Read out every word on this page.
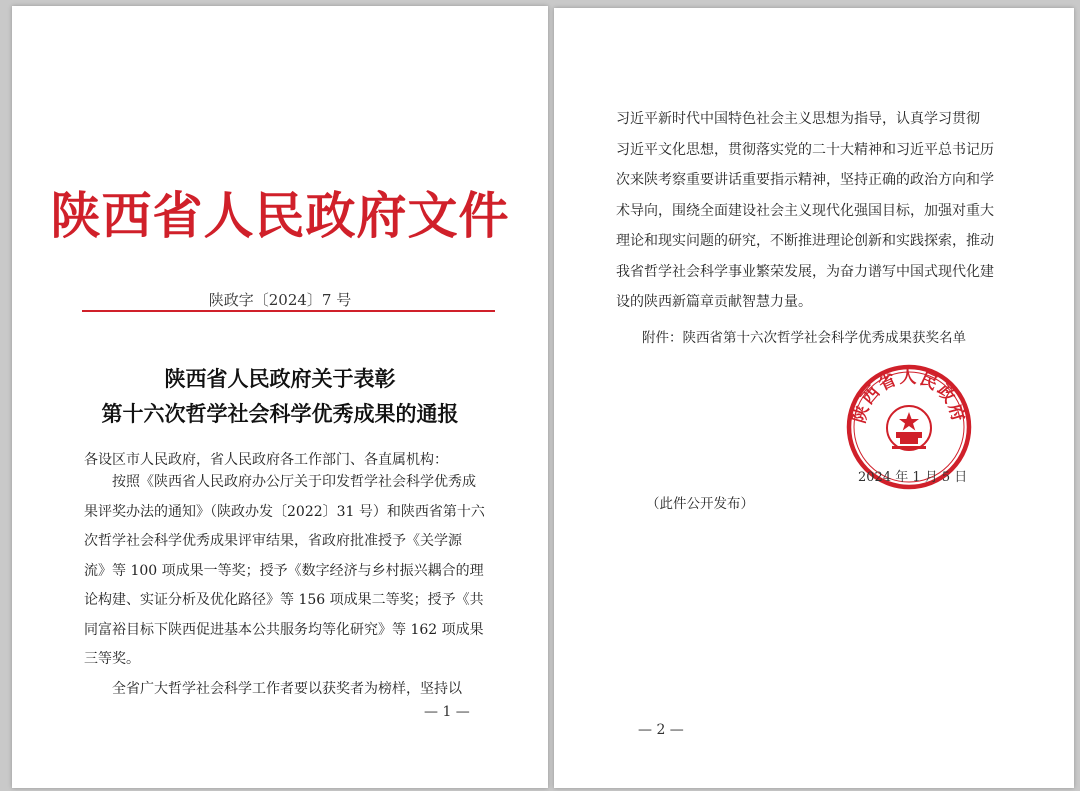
陕西省人民政府文件
陕政字〔2024〕7 号
陕西省人民政府关于表彰
第十六次哲学社会科学优秀成果的通报
各设区市人民政府，省人民政府各工作部门、各直属机构：
　　按照《陕西省人民政府办公厅关于印发哲学社会科学优秀成
果评奖办法的通知》（陕政办发〔2022〕31 号）和陕西省第十六
次哲学社会科学优秀成果评审结果，省政府批准授予《关学源
流》等 100 项成果一等奖；授予《数字经济与乡村振兴耦合的理
论构建、实证分析及优化路径》等 156 项成果二等奖；授予《共
同富裕目标下陕西促进基本公共服务均等化研究》等 162 项成果
三等奖。
　　全省广大哲学社会科学工作者要以获奖者为榜样，坚持以
— 1 —
习近平新时代中国特色社会主义思想为指导，认真学习贯彻
习近平文化思想，贯彻落实党的二十大精神和习近平总书记历
次来陕考察重要讲话重要指示精神，坚持正确的政治方向和学
术导向，围绕全面建设社会主义现代化强国目标，加强对重大
理论和现实问题的研究，不断推进理论创新和实践探索，推动
我省哲学社会科学事业繁荣发展，为奋力谱写中国式现代化建
设的陕西新篇章贡献智慧力量。
附件：陕西省第十六次哲学社会科学优秀成果获奖名单
陕西省人民政府
2024 年 1 月 5 日
（此件公开发布）
— 2 —
